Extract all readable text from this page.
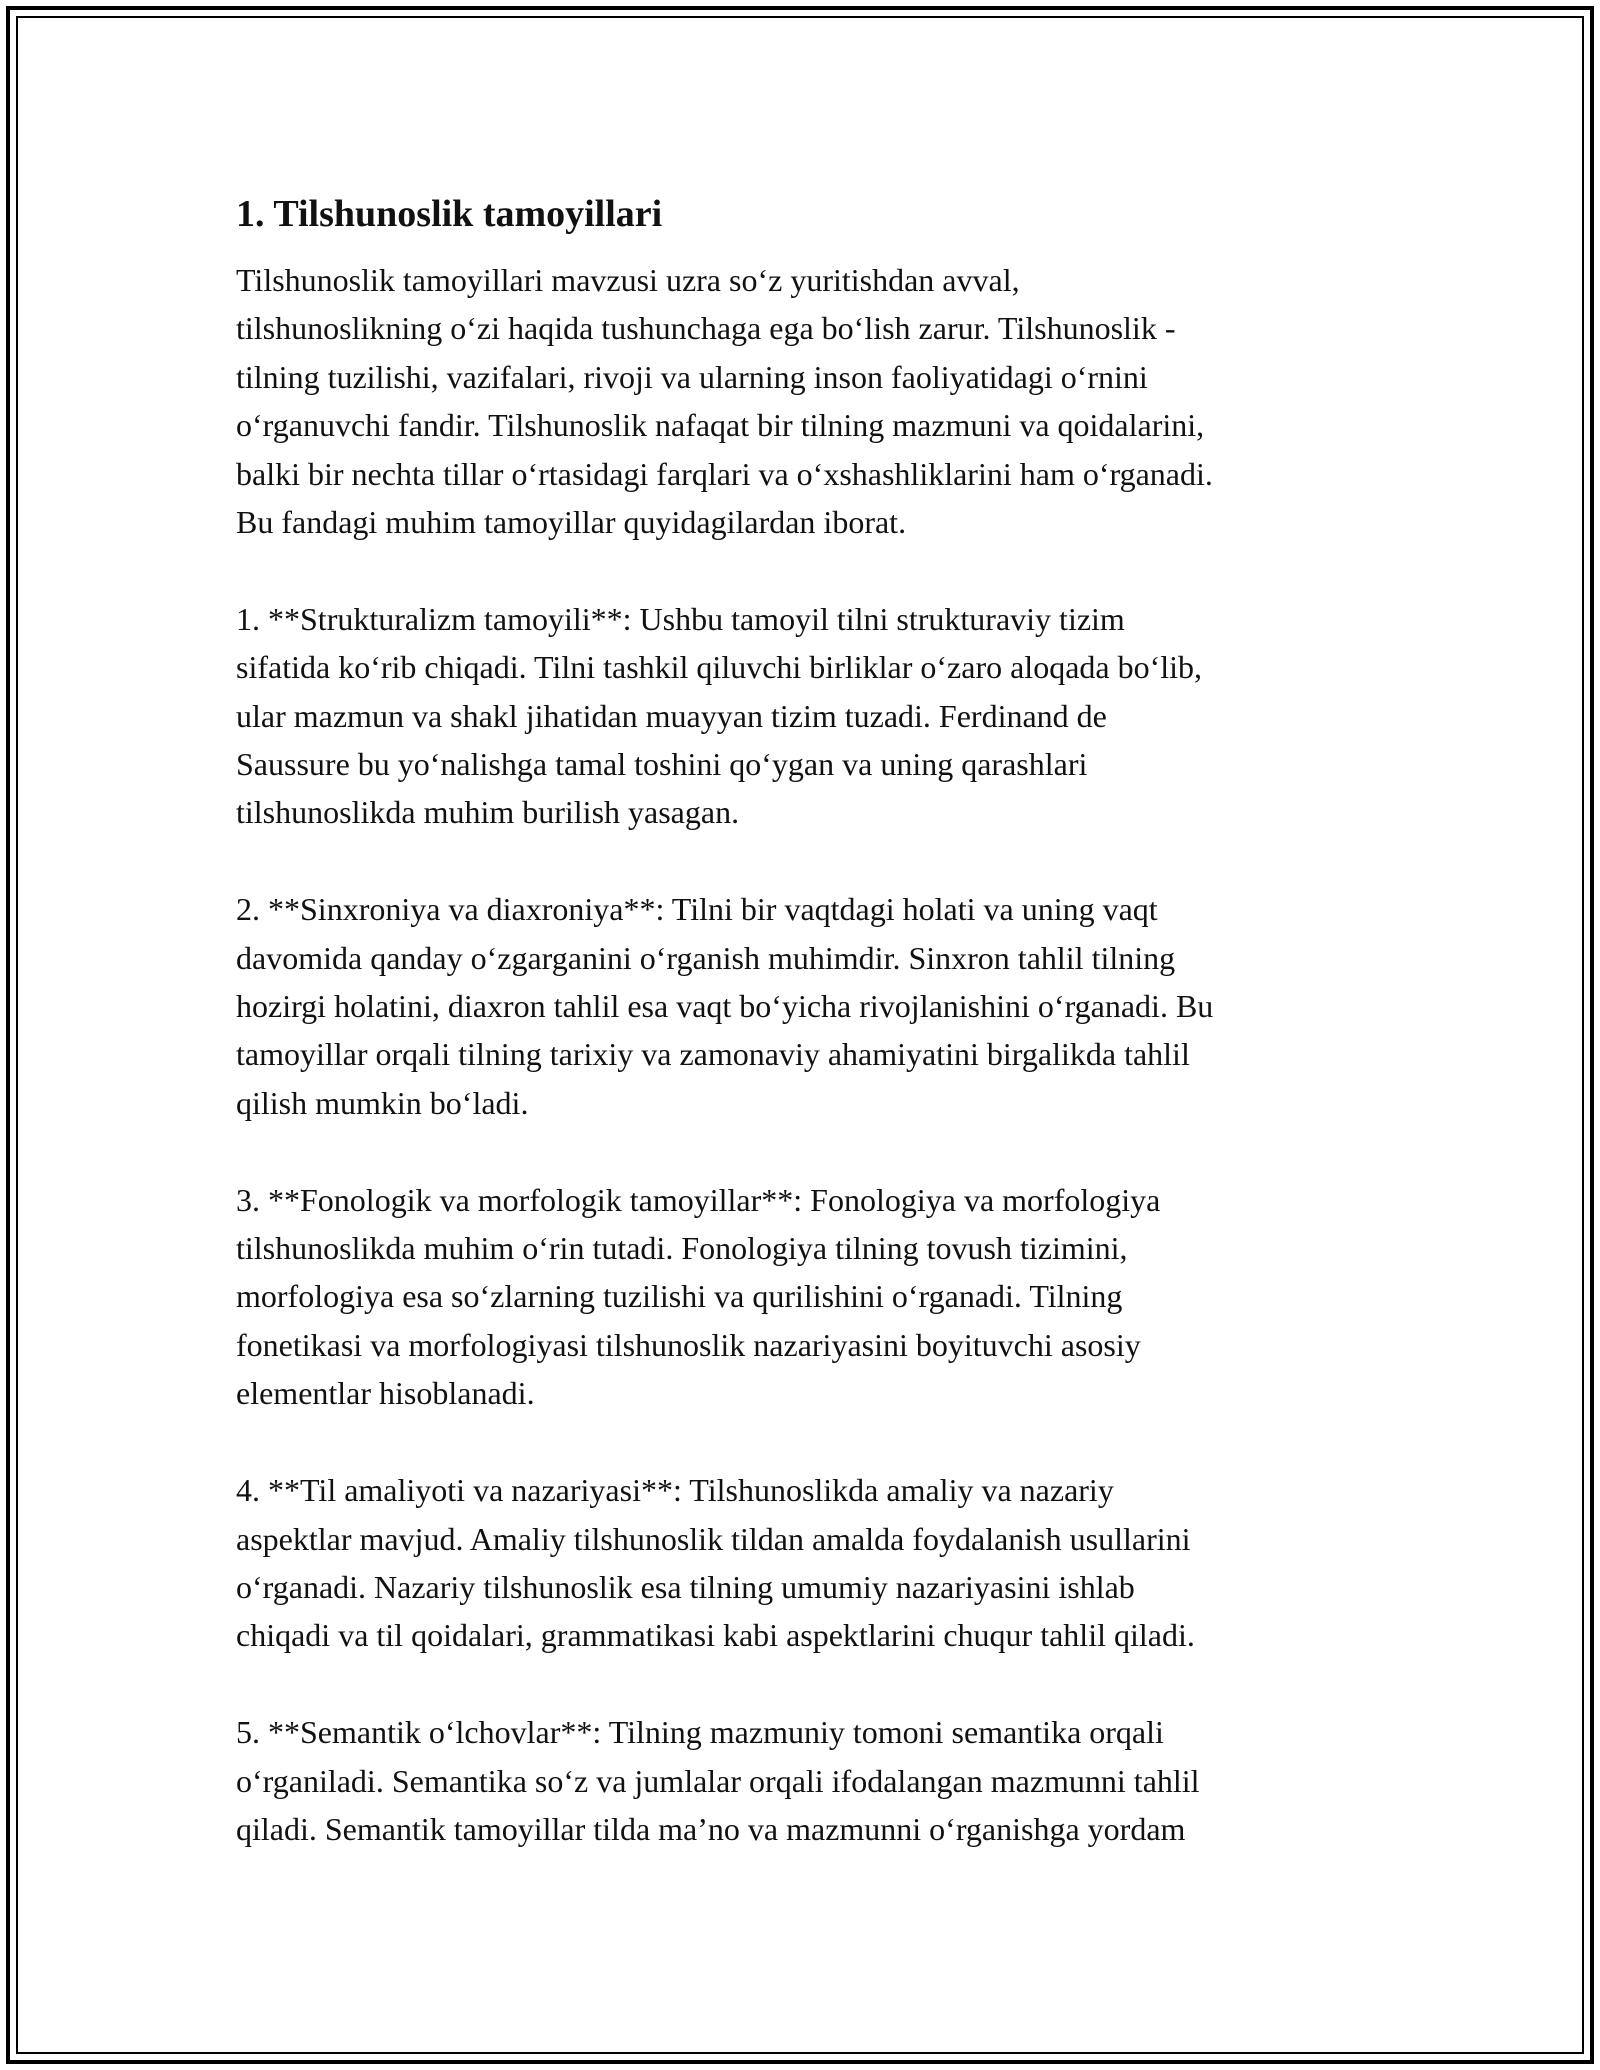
1. Tilshunoslik tamoyillari

Tilshunoslik tamoyillari mavzusi uzra so‘z yuritishdan avval,
tilshunoslikning o‘zi haqida tushunchaga ega bo‘lish zarur. Tilshunoslik -
tilning tuzilishi, vazifalari, rivoji va ularning inson faoliyatidagi o‘rnini
o‘rganuvchi fandir. Tilshunoslik nafaqat bir tilning mazmuni va qoidalarini,
balki bir nechta tillar o‘rtasidagi farqlari va o‘xshashliklarini ham o‘rganadi.
Bu fandagi muhim tamoyillar quyidagilardan iborat.

1. **Strukturalizm tamoyili**: Ushbu tamoyil tilni strukturaviy tizim
sifatida ko‘rib chiqadi. Tilni tashkil qiluvchi birliklar o‘zaro aloqada bo‘lib,
ular mazmun va shakl jihatidan muayyan tizim tuzadi. Ferdinand de
Saussure bu yo‘nalishga tamal toshini qo‘ygan va uning qarashlari
tilshunoslikda muhim burilish yasagan.

2. **Sinxroniya va diaxroniya**: Tilni bir vaqtdagi holati va uning vaqt
davomida qanday o‘zgarganini o‘rganish muhimdir. Sinxron tahlil tilning
hozirgi holatini, diaxron tahlil esa vaqt bo‘yicha rivojlanishini o‘rganadi. Bu
tamoyillar orqali tilning tarixiy va zamonaviy ahamiyatini birgalikda tahlil
qilish mumkin bo‘ladi.

3. **Fonologik va morfologik tamoyillar**: Fonologiya va morfologiya
tilshunoslikda muhim o‘rin tutadi. Fonologiya tilning tovush tizimini,
morfologiya esa so‘zlarning tuzilishi va qurilishini o‘rganadi. Tilning
fonetikasi va morfologiyasi tilshunoslik nazariyasini boyituvchi asosiy
elementlar hisoblanadi.

4. **Til amaliyoti va nazariyasi**: Tilshunoslikda amaliy va nazariy
aspektlar mavjud. Amaliy tilshunoslik tildan amalda foydalanish usullarini
o‘rganadi. Nazariy tilshunoslik esa tilning umumiy nazariyasini ishlab
chiqadi va til qoidalari, grammatikasi kabi aspektlarini chuqur tahlil qiladi.

5. **Semantik o‘lchovlar**: Tilning mazmuniy tomoni semantika orqali
o‘rganiladi. Semantika so‘z va jumlalar orqali ifodalangan mazmunni tahlil
qiladi. Semantik tamoyillar tilda ma’no va mazmunni o‘rganishga yordam
